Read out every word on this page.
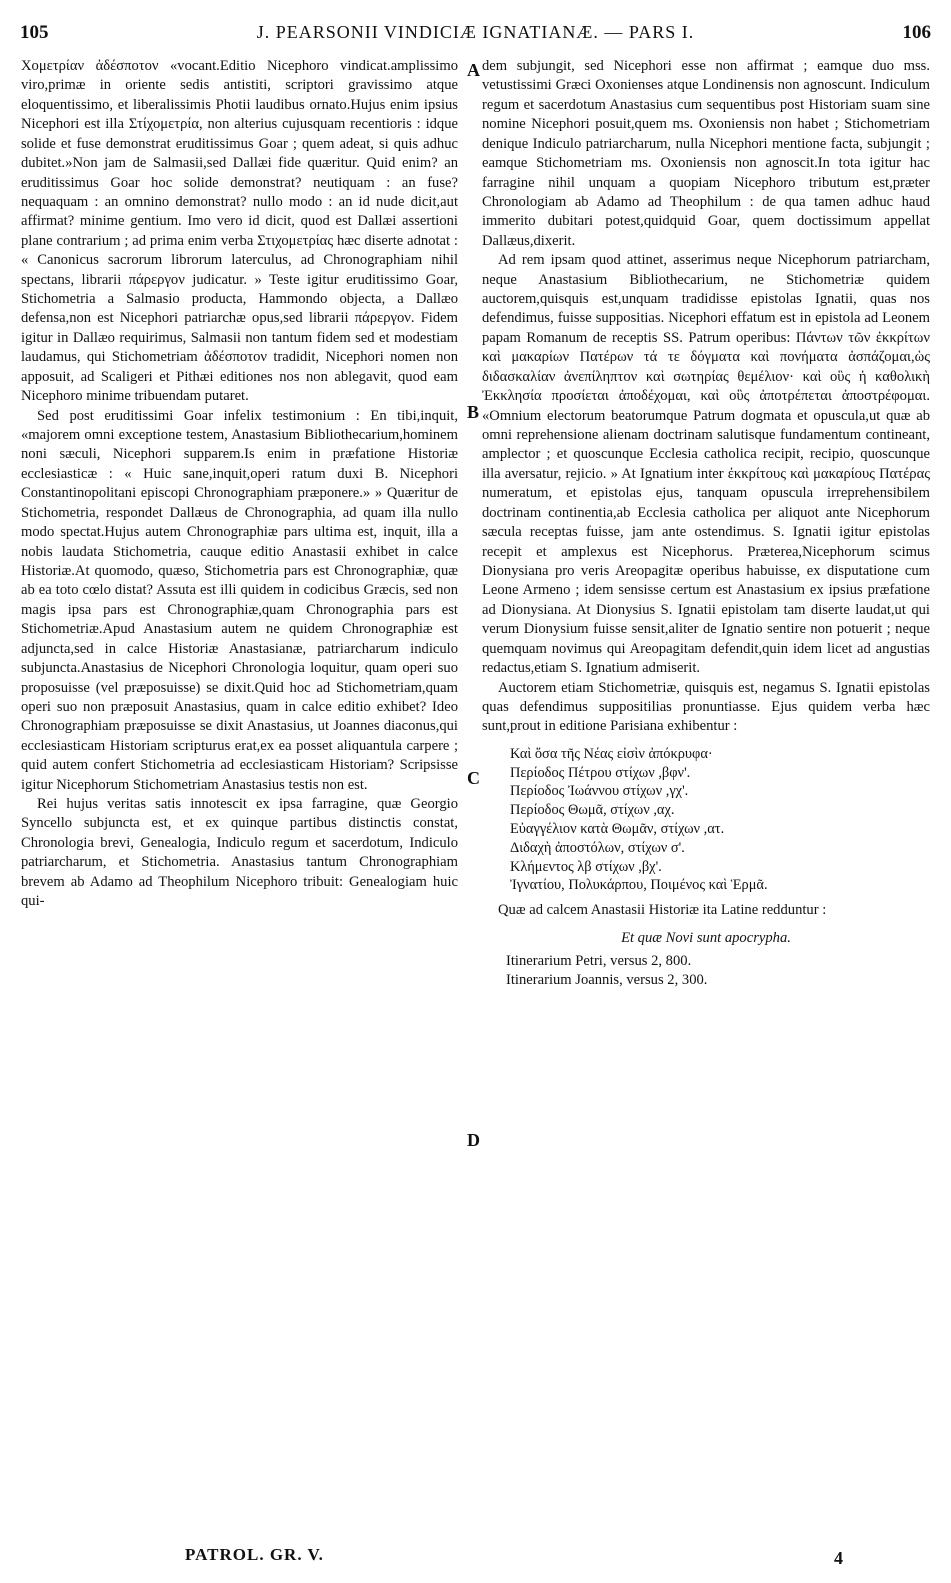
105	J. PEARSONII VINDICIÆ IGNATIANÆ. — PARS I.	106
A
B
C
D

Χομετρίαν ἀδέσποτον «vocant.Editio Nicephoro vindicat.amplissimo viro,primæ in oriente sedis antistiti, scriptori gravissimo atque eloquentissimo, et liberalissimis Photii laudibus ornato.Hujus enim ipsius Nicephori est illa Στίχομετρία, non alterius cujusquam recentioris : idque solide et fuse demonstrat eruditissimus Goar ; quem adeat, si quis adhuc dubitet.»Non jam de Salmasii,sed Dallæi fide quæritur. Quid enim? an eruditissimus Goar hoc solide demonstrat? neutiquam : an fuse? nequaquam : an omnino demonstrat? nullo modo : an id nude dicit,aut affirmat? minime gentium. Imo vero id dicit, quod est Dallæi assertioni plane contrarium ; ad prima enim verba Στιχομετρίας hæc diserte adnotat : « Canonicus sacrorum librorum laterculus, ad Chronographiam nihil spectans, librarii πάρεργον judicatur. » Teste igitur eruditissimo Goar, Stichometria a Salmasio producta, Hammondo objecta, a Dallæo defensa,non est Nicephori patriarchæ opus,sed librarii πάρεργον. Fidem igitur in Dallæo requirimus, Salmasii non tantum fidem sed et modestiam laudamus, qui Stichometriam ἀδέσποτον tradidit, Nicephori nomen non apposuit, ad Scaligeri et Pithæi editiones nos non ablegavit, quod eam Nicephoro minime tribuendam putaret.

Sed post eruditissimi Goar infelix testimonium : En tibi,inquit, «majorem omni exceptione testem, Anastasium Bibliothecarium,hominem noni sæculi, Nicephori supparem.Is enim in præfatione Historiæ ecclesiasticæ : « Huic sane,inquit,operi ratum duxi B. Nicephori Constantinopolitani episcopi Chronographiam præponere.» » Quæritur de Stichometria, respondet Dallæus de Chronographia, ad quam illa nullo modo spectat.Hujus autem Chronographiæ pars ultima est, inquit, illa a nobis laudata Stichometria, cauque editio Anastasii exhibet in calce Historiæ.At quomodo, quæso, Stichometria pars est Chronographiæ, quæ ab ea toto cœlo distat? Assuta est illi quidem in codicibus Græcis, sed non magis ipsa pars est Chronographiæ,quam Chronographia pars est Stichometriæ.Apud Anastasium autem ne quidem Chronographiæ est adjuncta,sed in calce Historiæ Anastasianæ, patriarcharum indiculo subjuncta.Anastasius de Nicephori Chronologia loquitur, quam operi suo proposuisse (vel præposuisse) se dixit.Quid hoc ad Stichometriam,quam operi suo non præposuit Anastasius, quam in calce editio exhibet? Ideo Chronographiam præposuisse se dixit Anastasius, ut Joannes diaconus,qui ecclesiasticam Historiam scripturus erat,ex ea posset aliquantula carpere ; quid autem confert Stichometria ad ecclesiasticam Historiam? Scripsisse igitur Nicephorum Stichometriam Anastasius testis non est.

Rei hujus veritas satis innotescit ex ipsa farragine, quæ Georgio Syncello subjuncta est, et ex quinque partibus distinctis constat, Chronologia brevi, Genealogia, Indiculo regum et sacerdotum, Indiculo patriarcharum, et Stichometria. Anastasius tantum Chronographiam brevem ab Adamo ad Theophilum Nicephoro tribuit: Genealogiam huic qui-

dem subjungit, sed Nicephori esse non affirmat ; eamque duo mss. vetustissimi Græci Oxonienses atque Londinensis non agnoscunt. Indiculum regum et sacerdotum Anastasius cum sequentibus post Historiam suam sine nomine Nicephori posuit,quem ms. Oxoniensis non habet ; Stichometriam denique Indiculo patriarcharum, nulla Nicephori mentione facta, subjungit ; eamque Stichometriam ms. Oxoniensis non agnoscit.In tota igitur hac farragine nihil unquam a quopiam Nicephoro tributum est,præter Chronologiam ab Adamo ad Theophilum : de qua tamen adhuc haud immerito dubitari potest,quidquid Goar, quem doctissimum appellat Dallæus,dixerit.

Ad rem ipsam quod attinet, asserimus neque Nicephorum patriarcham, neque Anastasium Bibliothecarium, ne Stichometriæ quidem auctorem,quisquis est,unquam tradidisse epistolas Ignatii, quas nos defendimus, fuisse suppositias. Nicephori effatum est in epistola ad Leonem papam Romanum de receptis SS. Patrum operibus: Πάντων τῶν ἐκκρίτων καὶ μακαρίων Πατέρων τά τε δόγματα καὶ πονήματα ἀσπάζομαι,ὡς διδασκαλίαν ἀνεπίληπτον καὶ σωτηρίας θεμέλιον· καὶ οὓς ἡ καθολικὴ Ἐκκλησία προσίεται ἀποδέχομαι, καὶ οὓς ἀποτρέπεται ἀποστρέφομαι. «Omnium electorum beatorumque Patrum dogmata et opuscula,ut quæ ab omni reprehensione alienam doctrinam salutisque fundamentum contineant, amplector ; et quoscunque Ecclesia catholica recipit, recipio, quoscunque illa aversatur, rejicio. » At Ignatium inter ἐκκρίτους καὶ μακαρίους Πατέρας numeratum, et epistolas ejus, tanquam opuscula irreprehensibilem doctrinam continentia,ab Ecclesia catholica per aliquot ante Nicephorum sæcula receptas fuisse, jam ante ostendimus. S. Ignatii igitur epistolas recepit et amplexus est Nicephorus. Præterea,Nicephorum scimus Dionysiana pro veris Areopagitæ operibus habuisse, ex disputatione cum Leone Armeno ; idem sensisse certum est Anastasium ex ipsius præfatione ad Dionysiana. At Dionysius S. Ignatii epistolam tam diserte laudat,ut qui verum Dionysium fuisse sensit,aliter de Ignatio sentire non potuerit ; neque quemquam novimus qui Areopagitam defendit,quin idem licet ad angustias redactus,etiam S. Ignatium admiserit.

Auctorem etiam Stichometriæ, quisquis est, negamus S. Ignatii epistolas quas defendimus suppositilias pronuntiasse. Ejus quidem verba hæc sunt,prout in editione Parisiana exhibentur :

Καὶ ὅσα τῆς Νέας εἰσὶν ἀπόκρυφα·
Περίοδος Πέτρου στίχων ,βφν'.
Περίοδος Ἰωάννου στίχων ,γχ'.
Περίοδος Θωμᾶ, στίχων ,αχ.
Εὐαγγέλιον κατὰ Θωμᾶν, στίχων ,ατ.
Διδαχὴ ἀποστόλων, στίχων σ'.
Κλήμεντος λβ στίχων ,βχ'.
Ἰγνατίου, Πολυκάρπου, Ποιμένος καὶ Ἑρμᾶ.

Quæ ad calcem Anastasii Historiæ ita Latine redduntur :

Et quæ Novi sunt apocrypha.
Itinerarium Petri, versus 2, 800.
Itinerarium Joannis, versus 2, 300.
PATROL. GR. V.	4
